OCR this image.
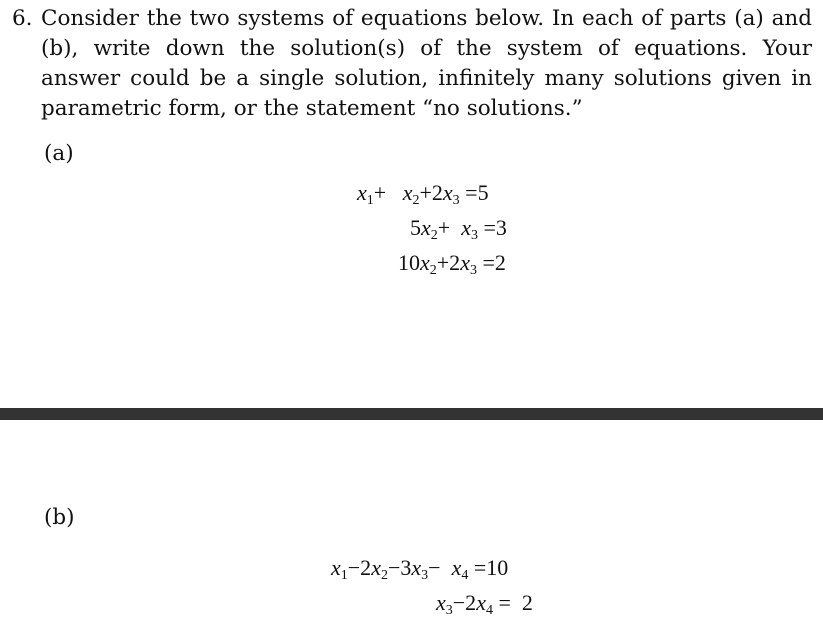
6. Consider the two systems of equations below. In each of parts (a) and (b), write down the solution(s) of the system of equations. Your answer could be a single solution, infinitely many solutions given in parametric form, or the statement “no solutions.”
(a)
$x_1+ x_2+2x_3 =5$
$5x_2+ x_3 =3$
$10x_2+2x_3 =2$
(b)
$x_1-2x_2-3x_3- x_4 =10$
$x_3-2x_4 = 2$
